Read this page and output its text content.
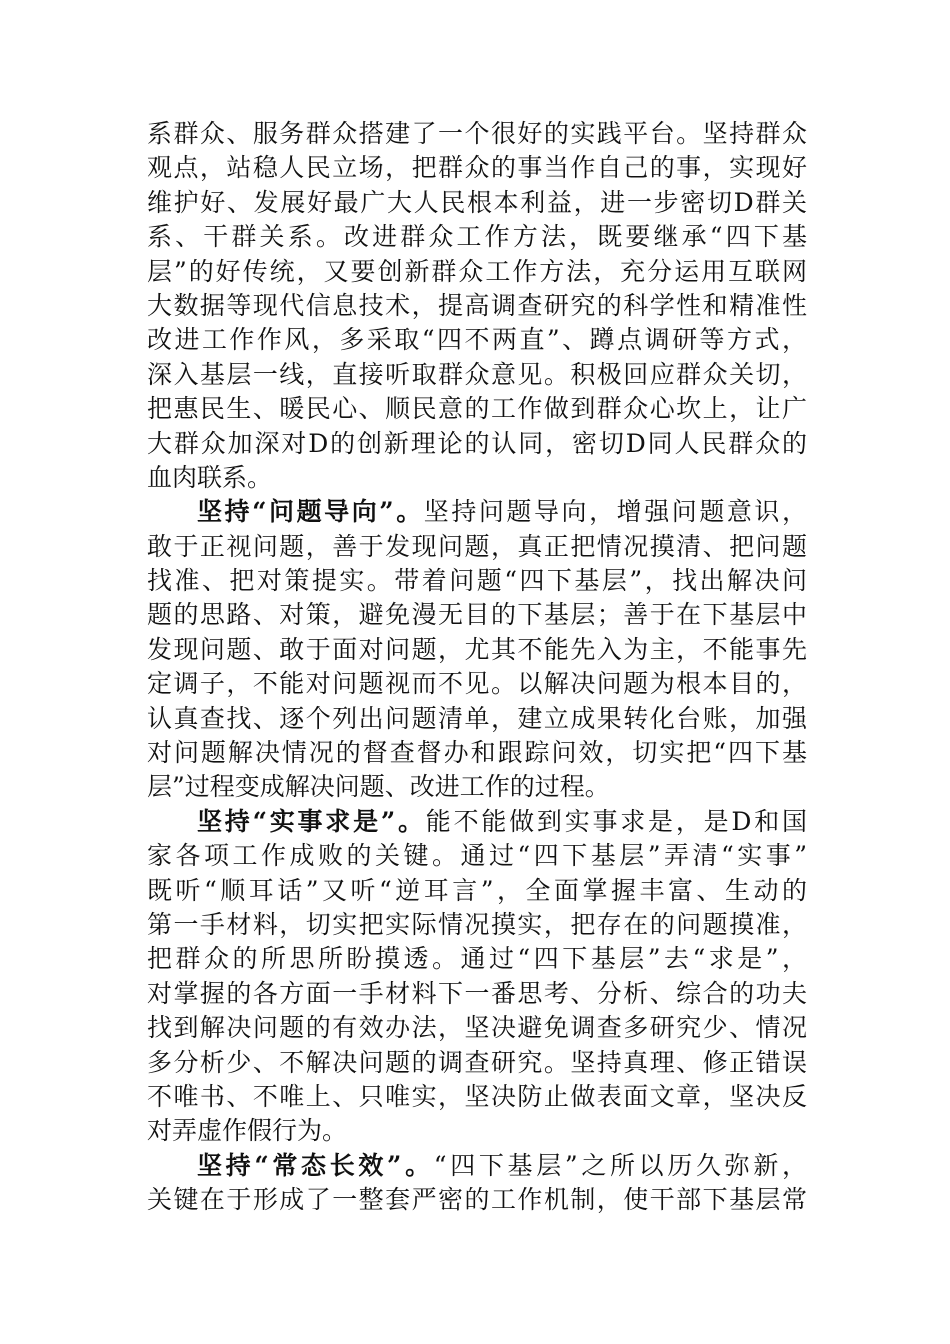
系群众、服务群众搭建了一个很好的实践平台。坚持群众
观点，站稳人民立场，把群众的事当作自己的事，实现好
维护好、发展好最广大人民根本利益，进一步密切D群关
系、干群关系。改进群众工作方法，既要继承“四下基
层”的好传统，又要创新群众工作方法，充分运用互联网
大数据等现代信息技术，提高调查研究的科学性和精准性
改进工作作风，多采取“四不两直”、蹲点调研等方式，
深入基层一线，直接听取群众意见。积极回应群众关切，
把惠民生、暖民心、顺民意的工作做到群众心坎上，让广
大群众加深对D的创新理论的认同，密切D同人民群众的
血肉联系。
坚持“问题导向”。坚持问题导向，增强问题意识，
敢于正视问题，善于发现问题，真正把情况摸清、把问题
找准、把对策提实。带着问题“四下基层”，找出解决问
题的思路、对策，避免漫无目的下基层；善于在下基层中
发现问题、敢于面对问题，尤其不能先入为主，不能事先
定调子，不能对问题视而不见。以解决问题为根本目的，
认真查找、逐个列出问题清单，建立成果转化台账，加强
对问题解决情况的督查督办和跟踪问效，切实把“四下基
层”过程变成解决问题、改进工作的过程。
坚持“实事求是”。能不能做到实事求是，是D和国
家各项工作成败的关键。通过“四下基层”弄清“实事”
既听“顺耳话”又听“逆耳言”，全面掌握丰富、生动的
第一手材料，切实把实际情况摸实，把存在的问题摸准，
把群众的所思所盼摸透。通过“四下基层”去“求是”，
对掌握的各方面一手材料下一番思考、分析、综合的功夫
找到解决问题的有效办法，坚决避免调查多研究少、情况
多分析少、不解决问题的调查研究。坚持真理、修正错误
不唯书、不唯上、只唯实，坚决防止做表面文章，坚决反
对弄虚作假行为。
坚持“常态长效”。“四下基层”之所以历久弥新，
关键在于形成了一整套严密的工作机制，使干部下基层常
